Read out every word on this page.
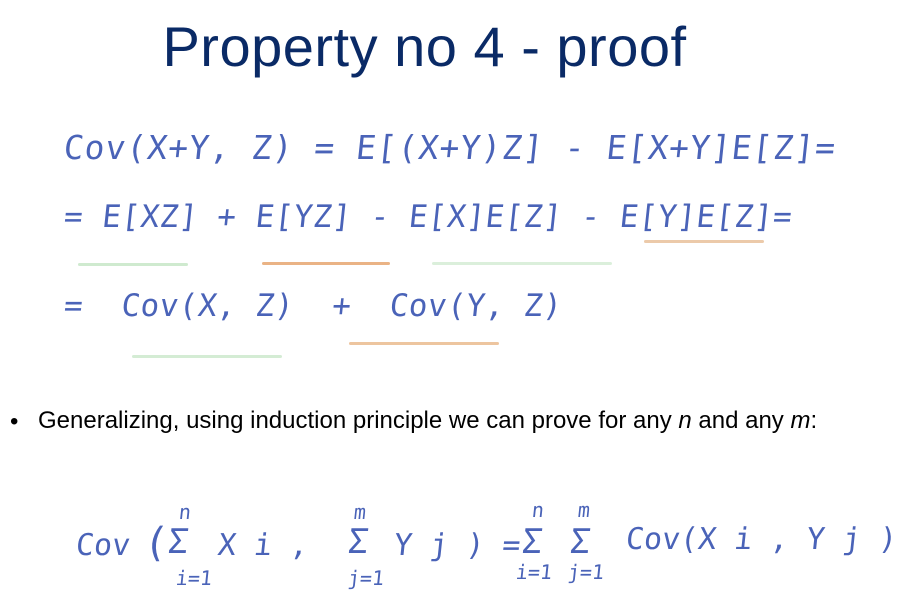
Property no 4 - proof
Cov(X+Y, Z) = E[(X+Y)Z] - E[X+Y]E[Z]=
= E[XZ] + E[YZ] - E[X]E[Z] - E[Y]E[Z]=
=  Cov(X, Z)  +  Cov(Y, Z)
• Generalizing, using induction principle we can prove for any n and any m:
Cov (
n
Σ
i=1
X i ,
m
Σ
j=1
Y j ) =
n
Σ
i=1
m
Σ
j=1
Cov(X i , Y j )
